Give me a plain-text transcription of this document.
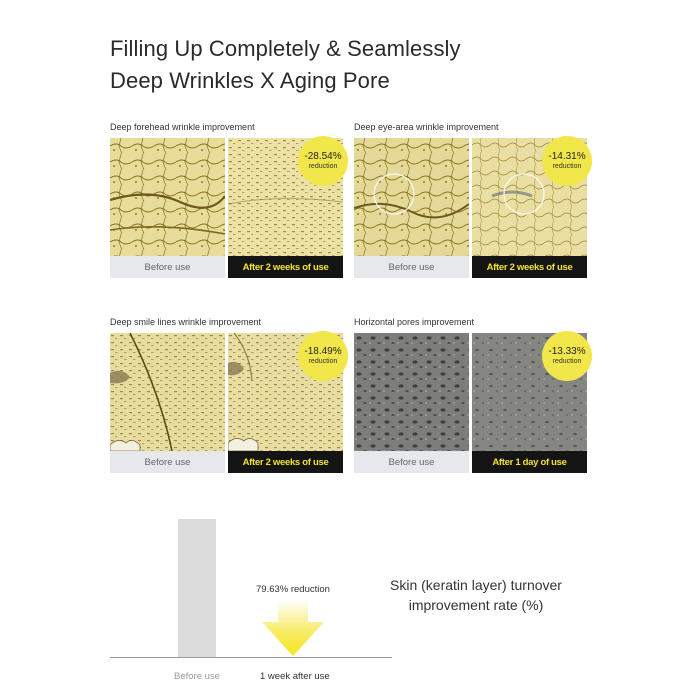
Filling Up Completely & Seamlessly
Deep Wrinkles X Aging Pore
Deep forehead wrinkle improvement
Before use	After 2 weeks of use
-28.54%
reduction
Deep eye-area wrinkle improvement
Before use	After 2 weeks of use
-14.31%
reduction
Deep smile lines wrinkle improvement
Before use	After 2 weeks of use
-18.49%
reduction
Horizontal pores improvement
Before use	After 1 day of use
-13.33%
reduction
79.63% reduction
Before use	1 week after use
Skin (keratin layer) turnover
improvement rate (%)
